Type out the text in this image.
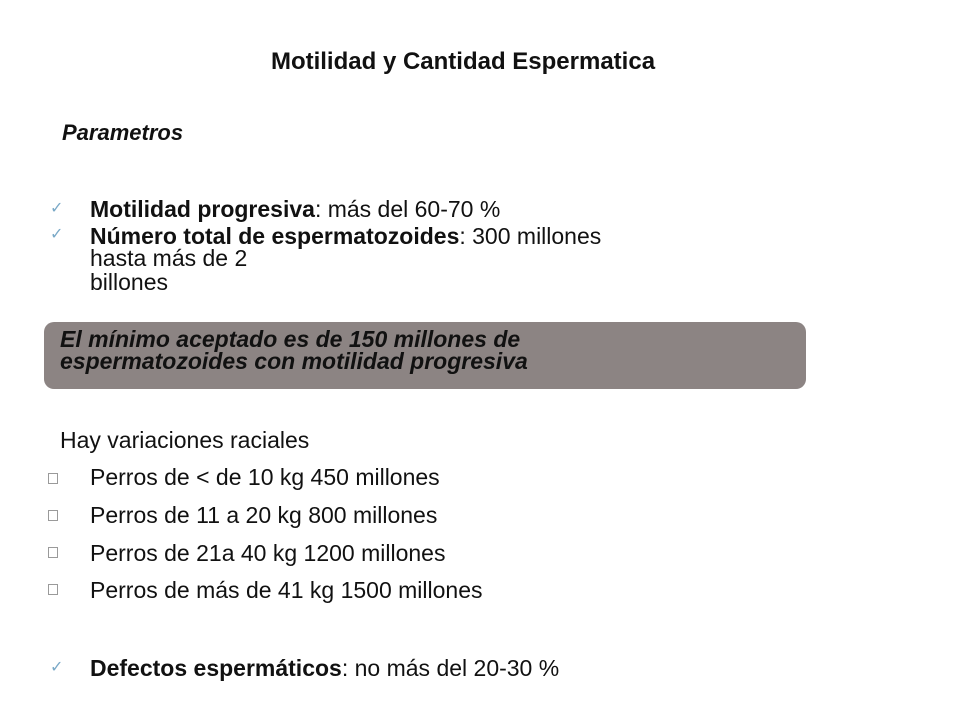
Motilidad y Cantidad Espermatica
Parametros
✓ Motilidad progresiva: más del 60-70 %
✓ Número total de espermatozoides: 300 millones
hasta más de 2
billones
El mínimo aceptado es de 150 millones de
espermatozoides con motilidad progresiva
Hay variaciones raciales
Perros de < de 10 kg 450 millones
Perros de 11 a 20 kg 800 millones
Perros de 21a 40 kg 1200 millones
Perros de más de 41 kg 1500 millones
✓ Defectos espermáticos: no más del 20-30 %
